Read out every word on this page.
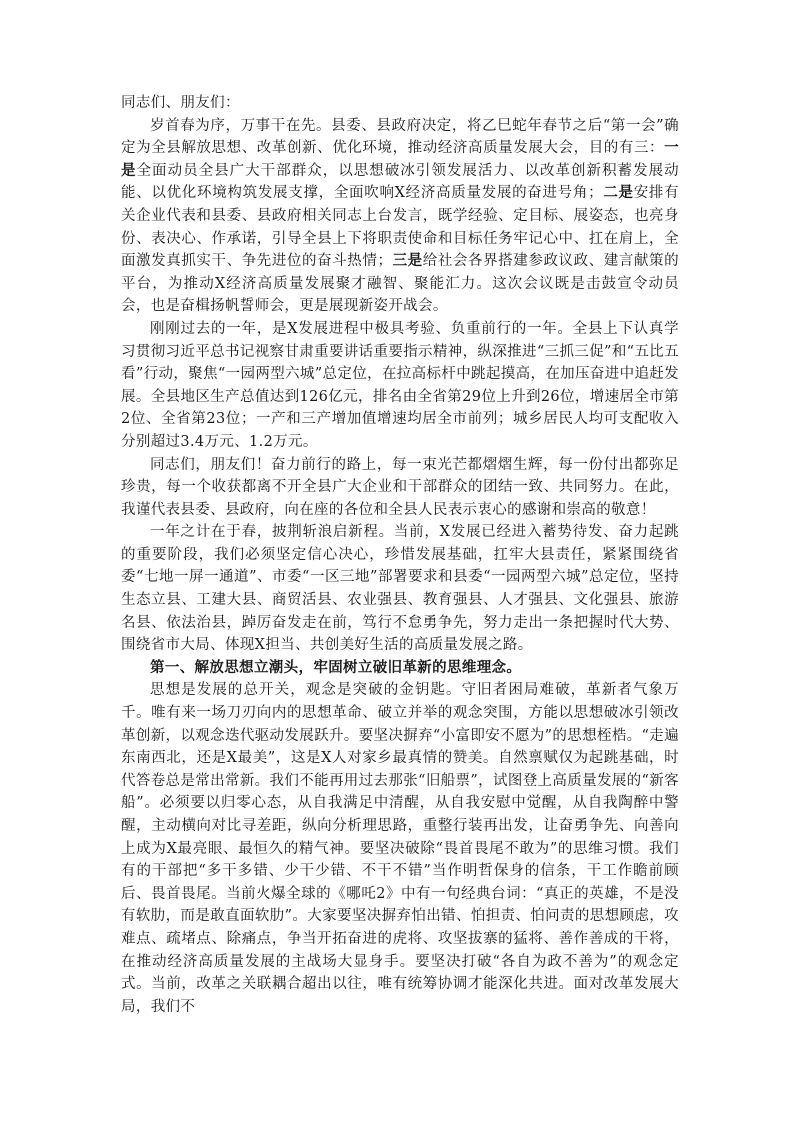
同志们、朋友们：

岁首春为序，万事干在先。县委、县政府决定，将乙巳蛇年春节之后“第一会”确定为全县解放思想、改革创新、优化环境，推动经济高质量发展大会，目的有三：一是全面动员全县广大干部群众，以思想破冰引领发展活力、以改革创新积蓄发展动能、以优化环境构筑发展支撑，全面吹响X经济高质量发展的奋进号角；二是安排有关企业代表和县委、县政府相关同志上台发言，既学经验、定目标、展姿态，也亮身份、表决心、作承诺，引导全县上下将职责使命和目标任务牢记心中、扛在肩上，全面激发真抓实干、争先进位的奋斗热情；三是给社会各界搭建参政议政、建言献策的平台，为推动X经济高质量发展聚才融智、聚能汇力。这次会议既是击鼓宣令动员会，也是奋楫扬帆誓师会，更是展现新姿开战会。

刚刚过去的一年，是X发展进程中极具考验、负重前行的一年。全县上下认真学习贯彻习近平总书记视察甘肃重要讲话重要指示精神，纵深推进“三抓三促”和“五比五看”行动，聚焦“一园两型六城”总定位，在拉高标杆中跳起摸高，在加压奋进中追赶发展。全县地区生产总值达到126亿元，排名由全省第29位上升到26位，增速居全市第2位、全省第23位；一产和三产增加值增速均居全市前列；城乡居民人均可支配收入分别超过3.4万元、1.2万元。

同志们，朋友们！奋力前行的路上，每一束光芒都熠熠生辉，每一份付出都弥足珍贵，每一个收获都离不开全县广大企业和干部群众的团结一致、共同努力。在此，我谨代表县委、县政府，向在座的各位和全县人民表示衷心的感谢和崇高的敬意！

一年之计在于春，披荆斩浪启新程。当前，X发展已经进入蓄势待发、奋力起跳的重要阶段，我们必须坚定信心决心，珍惜发展基础，扛牢大县责任，紧紧围绕省委“七地一屏一通道”、市委“一区三地”部署要求和县委“一园两型六城”总定位，坚持生态立县、工建大县、商贸活县、农业强县、教育强县、人才强县、文化强县、旅游名县、依法治县，踔厉奋发走在前，笃行不怠勇争先，努力走出一条把握时代大势、围绕省市大局、体现X担当、共创美好生活的高质量发展之路。

第一、解放思想立潮头，牢固树立破旧革新的思维理念。

思想是发展的总开关，观念是突破的金钥匙。守旧者困局难破，革新者气象万千。唯有来一场刀刃向内的思想革命、破立并举的观念突围，方能以思想破冰引领改革创新，以观念迭代驱动发展跃升。要坚决摒弃“小富即安不愿为”的思想桎梏。“走遍东南西北，还是X最美”，这是X人对家乡最真情的赞美。自然禀赋仅为起跳基础，时代答卷总是常出常新。我们不能再用过去那张“旧船票”，试图登上高质量发展的“新客船”。必须要以归零心态，从自我满足中清醒，从自我安慰中觉醒，从自我陶醉中警醒，主动横向对比寻差距，纵向分析理思路，重整行装再出发，让奋勇争先、向善向上成为X最亮眼、最恒久的精气神。要坚决破除“畏首畏尾不敢为”的思维习惯。我们有的干部把“多干多错、少干少错、不干不错”当作明哲保身的信条，干工作瞻前顾后、畏首畏尾。当前火爆全球的《哪吒2》中有一句经典台词：“真正的英雄，不是没有软肋，而是敢直面软肋”。大家要坚决摒弃怕出错、怕担责、怕问责的思想顾虑，攻难点、疏堵点、除痛点，争当开拓奋进的虎将、攻坚拔寨的猛将、善作善成的干将，在推动经济高质量发展的主战场大显身手。要坚决打破“各自为政不善为”的观念定式。当前，改革之关联耦合超出以往，唯有统筹协调才能深化共进。面对改革发展大局，我们不
